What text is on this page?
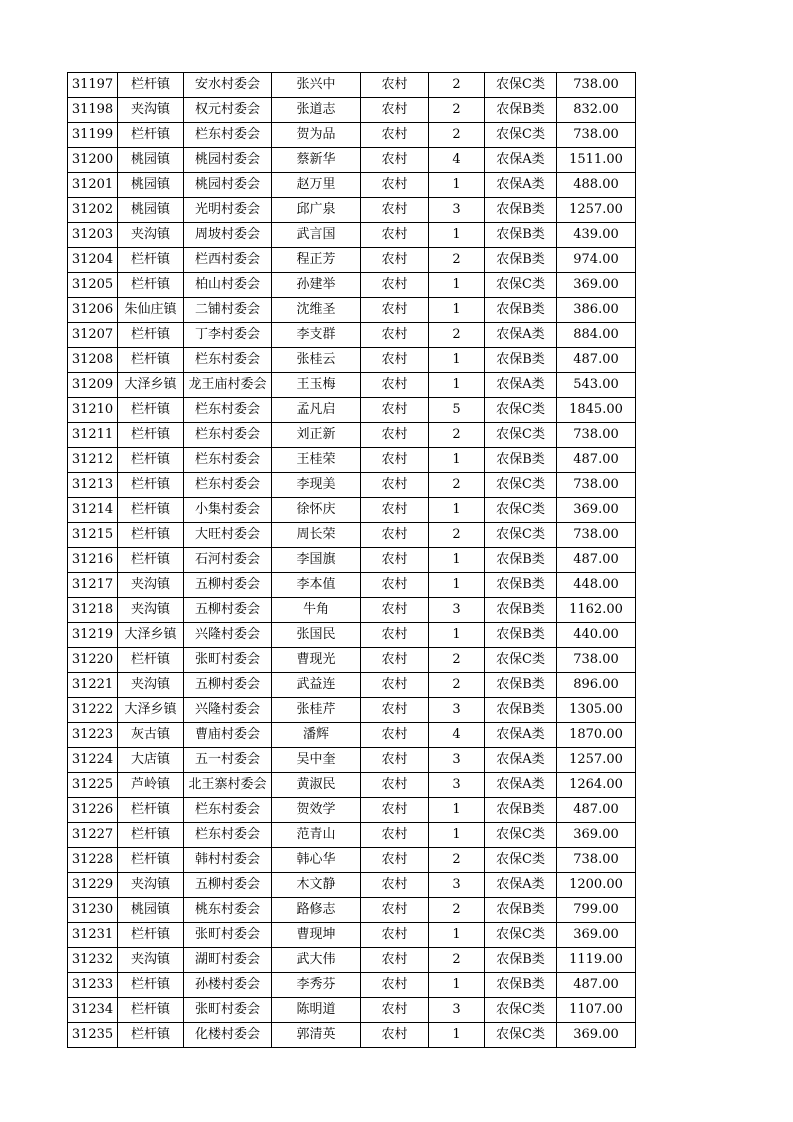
31197	栏杆镇	安水村委会	张兴中	农村	2	农保C类	738.00
31198	夹沟镇	权元村委会	张道志	农村	2	农保B类	832.00
31199	栏杆镇	栏东村委会	贺为品	农村	2	农保C类	738.00
31200	桃园镇	桃园村委会	蔡新华	农村	4	农保A类	1511.00
31201	桃园镇	桃园村委会	赵万里	农村	1	农保A类	488.00
31202	桃园镇	光明村委会	邱广泉	农村	3	农保B类	1257.00
31203	夹沟镇	周坡村委会	武言国	农村	1	农保B类	439.00
31204	栏杆镇	栏西村委会	程正芳	农村	2	农保B类	974.00
31205	栏杆镇	柏山村委会	孙建举	农村	1	农保C类	369.00
31206	朱仙庄镇	二铺村委会	沈维圣	农村	1	农保B类	386.00
31207	栏杆镇	丁李村委会	李支群	农村	2	农保A类	884.00
31208	栏杆镇	栏东村委会	张桂云	农村	1	农保B类	487.00
31209	大泽乡镇	龙王庙村委会	王玉梅	农村	1	农保A类	543.00
31210	栏杆镇	栏东村委会	孟凡启	农村	5	农保C类	1845.00
31211	栏杆镇	栏东村委会	刘正新	农村	2	农保C类	738.00
31212	栏杆镇	栏东村委会	王桂荣	农村	1	农保B类	487.00
31213	栏杆镇	栏东村委会	李现美	农村	2	农保C类	738.00
31214	栏杆镇	小集村委会	徐怀庆	农村	1	农保C类	369.00
31215	栏杆镇	大旺村委会	周长荣	农村	2	农保C类	738.00
31216	栏杆镇	石河村委会	李国旗	农村	1	农保B类	487.00
31217	夹沟镇	五柳村委会	李本值	农村	1	农保B类	448.00
31218	夹沟镇	五柳村委会	牛角	农村	3	农保B类	1162.00
31219	大泽乡镇	兴隆村委会	张国民	农村	1	农保B类	440.00
31220	栏杆镇	张町村委会	曹现光	农村	2	农保C类	738.00
31221	夹沟镇	五柳村委会	武益连	农村	2	农保B类	896.00
31222	大泽乡镇	兴隆村委会	张桂芹	农村	3	农保B类	1305.00
31223	灰古镇	曹庙村委会	潘辉	农村	4	农保A类	1870.00
31224	大店镇	五一村委会	吴中奎	农村	3	农保A类	1257.00
31225	芦岭镇	北王寨村委会	黄淑民	农村	3	农保A类	1264.00
31226	栏杆镇	栏东村委会	贺效学	农村	1	农保B类	487.00
31227	栏杆镇	栏东村委会	范青山	农村	1	农保C类	369.00
31228	栏杆镇	韩村村委会	韩心华	农村	2	农保C类	738.00
31229	夹沟镇	五柳村委会	木文静	农村	3	农保A类	1200.00
31230	桃园镇	桃东村委会	路修志	农村	2	农保B类	799.00
31231	栏杆镇	张町村委会	曹现坤	农村	1	农保C类	369.00
31232	夹沟镇	湖町村委会	武大伟	农村	2	农保B类	1119.00
31233	栏杆镇	孙楼村委会	李秀芬	农村	1	农保B类	487.00
31234	栏杆镇	张町村委会	陈明道	农村	3	农保C类	1107.00
31235	栏杆镇	化楼村委会	郭清英	农村	1	农保C类	369.00
